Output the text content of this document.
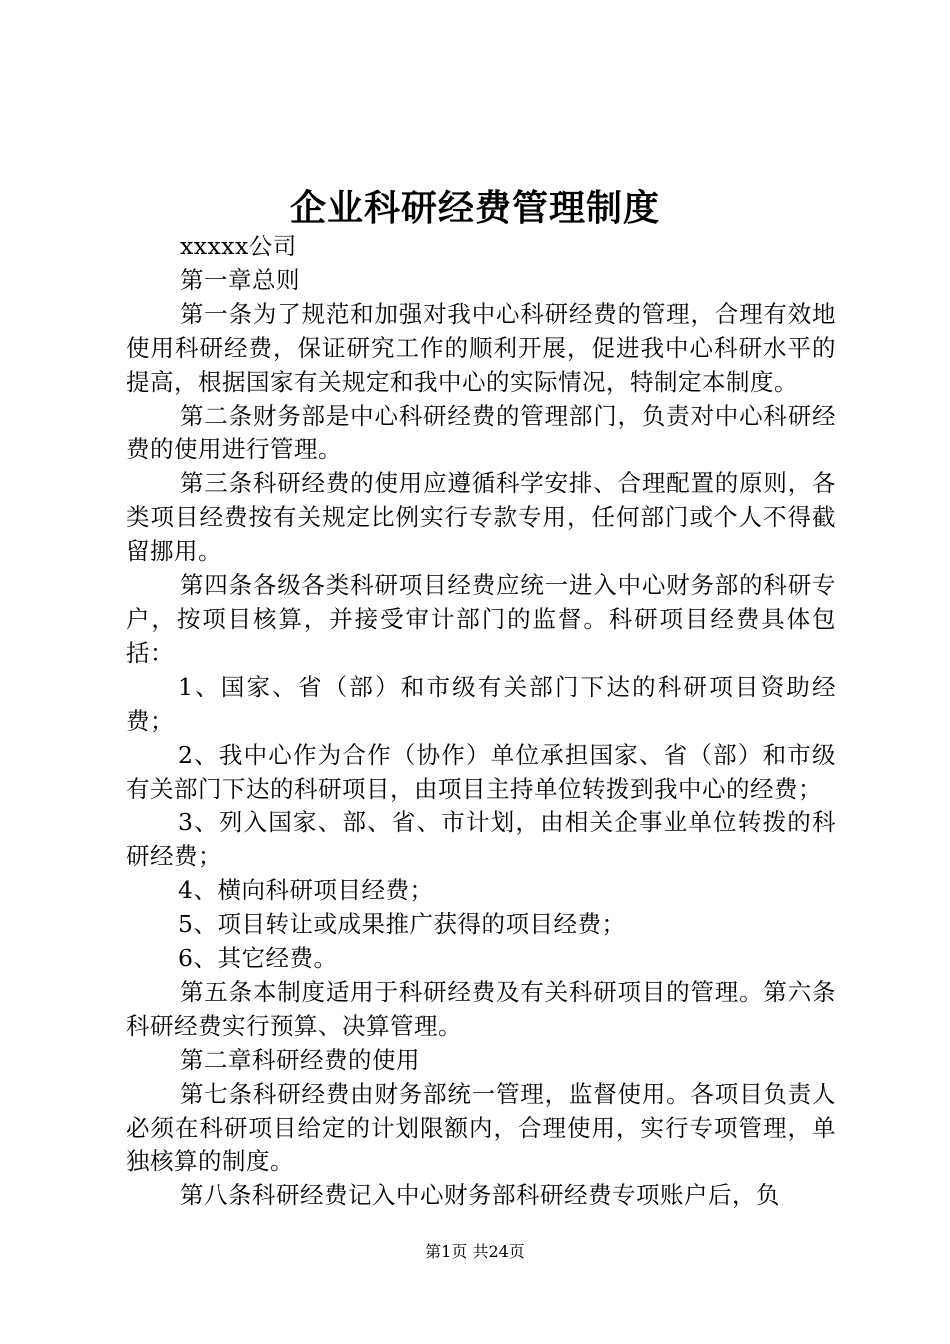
企业科研经费管理制度

xxxxx公司

第一章总则

第一条为了规范和加强对我中心科研经费的管理，合理有效地使用科研经费，保证研究工作的顺利开展，促进我中心科研水平的提高，根据国家有关规定和我中心的实际情况，特制定本制度。

第二条财务部是中心科研经费的管理部门，负责对中心科研经费的使用进行管理。

第三条科研经费的使用应遵循科学安排、合理配置的原则，各类项目经费按有关规定比例实行专款专用，任何部门或个人不得截留挪用。

第四条各级各类科研项目经费应统一进入中心财务部的科研专户，按项目核算，并接受审计部门的监督。科研项目经费具体包括：

1、国家、省（部）和市级有关部门下达的科研项目资助经费；

2、我中心作为合作（协作）单位承担国家、省（部）和市级有关部门下达的科研项目，由项目主持单位转拨到我中心的经费；

3、列入国家、部、省、市计划，由相关企事业单位转拨的科研经费；

4、横向科研项目经费；

5、项目转让或成果推广获得的项目经费；

6、其它经费。

第五条本制度适用于科研经费及有关科研项目的管理。第六条科研经费实行预算、决算管理。

第二章科研经费的使用

第七条科研经费由财务部统一管理，监督使用。各项目负责人必须在科研项目给定的计划限额内，合理使用，实行专项管理，单独核算的制度。

第八条科研经费记入中心财务部科研经费专项账户后，负

第1页 共24页
